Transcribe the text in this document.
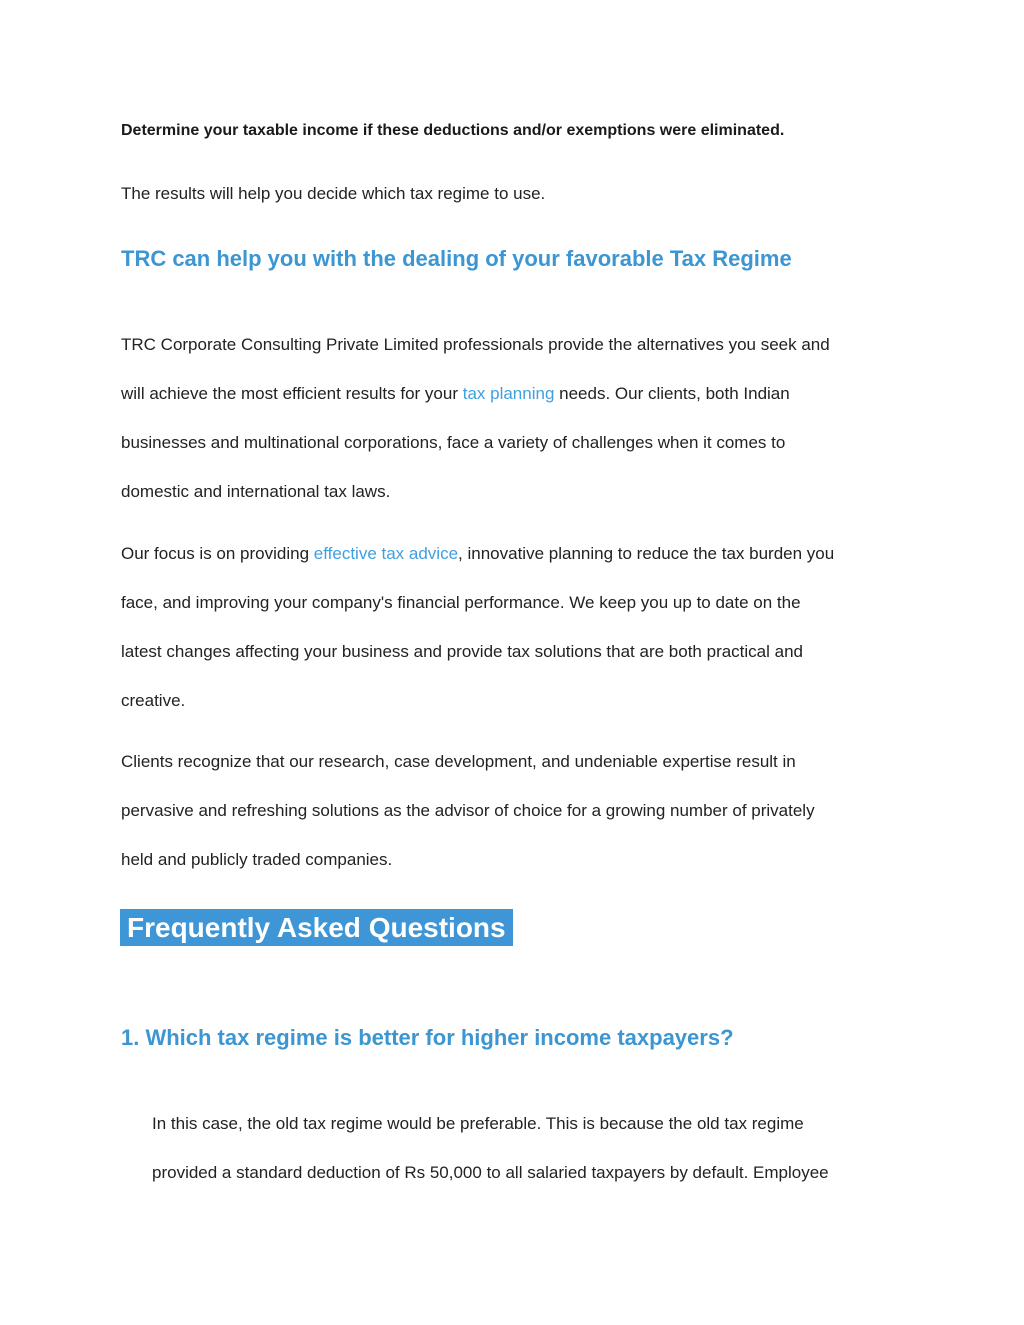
Determine your taxable income if these deductions and/or exemptions were eliminated.

The results will help you decide which tax regime to use.

TRC can help you with the dealing of your favorable Tax Regime
TRC Corporate Consulting Private Limited professionals provide the alternatives you seek and
will achieve the most efficient results for your tax planning needs. Our clients, both Indian
businesses and multinational corporations, face a variety of challenges when it comes to
domestic and international tax laws.
Our focus is on providing effective tax advice, innovative planning to reduce the tax burden you
face, and improving your company's financial performance. We keep you up to date on the
latest changes affecting your business and provide tax solutions that are both practical and
creative.
Clients recognize that our research, case development, and undeniable expertise result in
pervasive and refreshing solutions as the advisor of choice for a growing number of privately
held and publicly traded companies.
Frequently Asked Questions
1. Which tax regime is better for higher income taxpayers?
In this case, the old tax regime would be preferable. This is because the old tax regime
provided a standard deduction of Rs 50,000 to all salaried taxpayers by default. Employee
